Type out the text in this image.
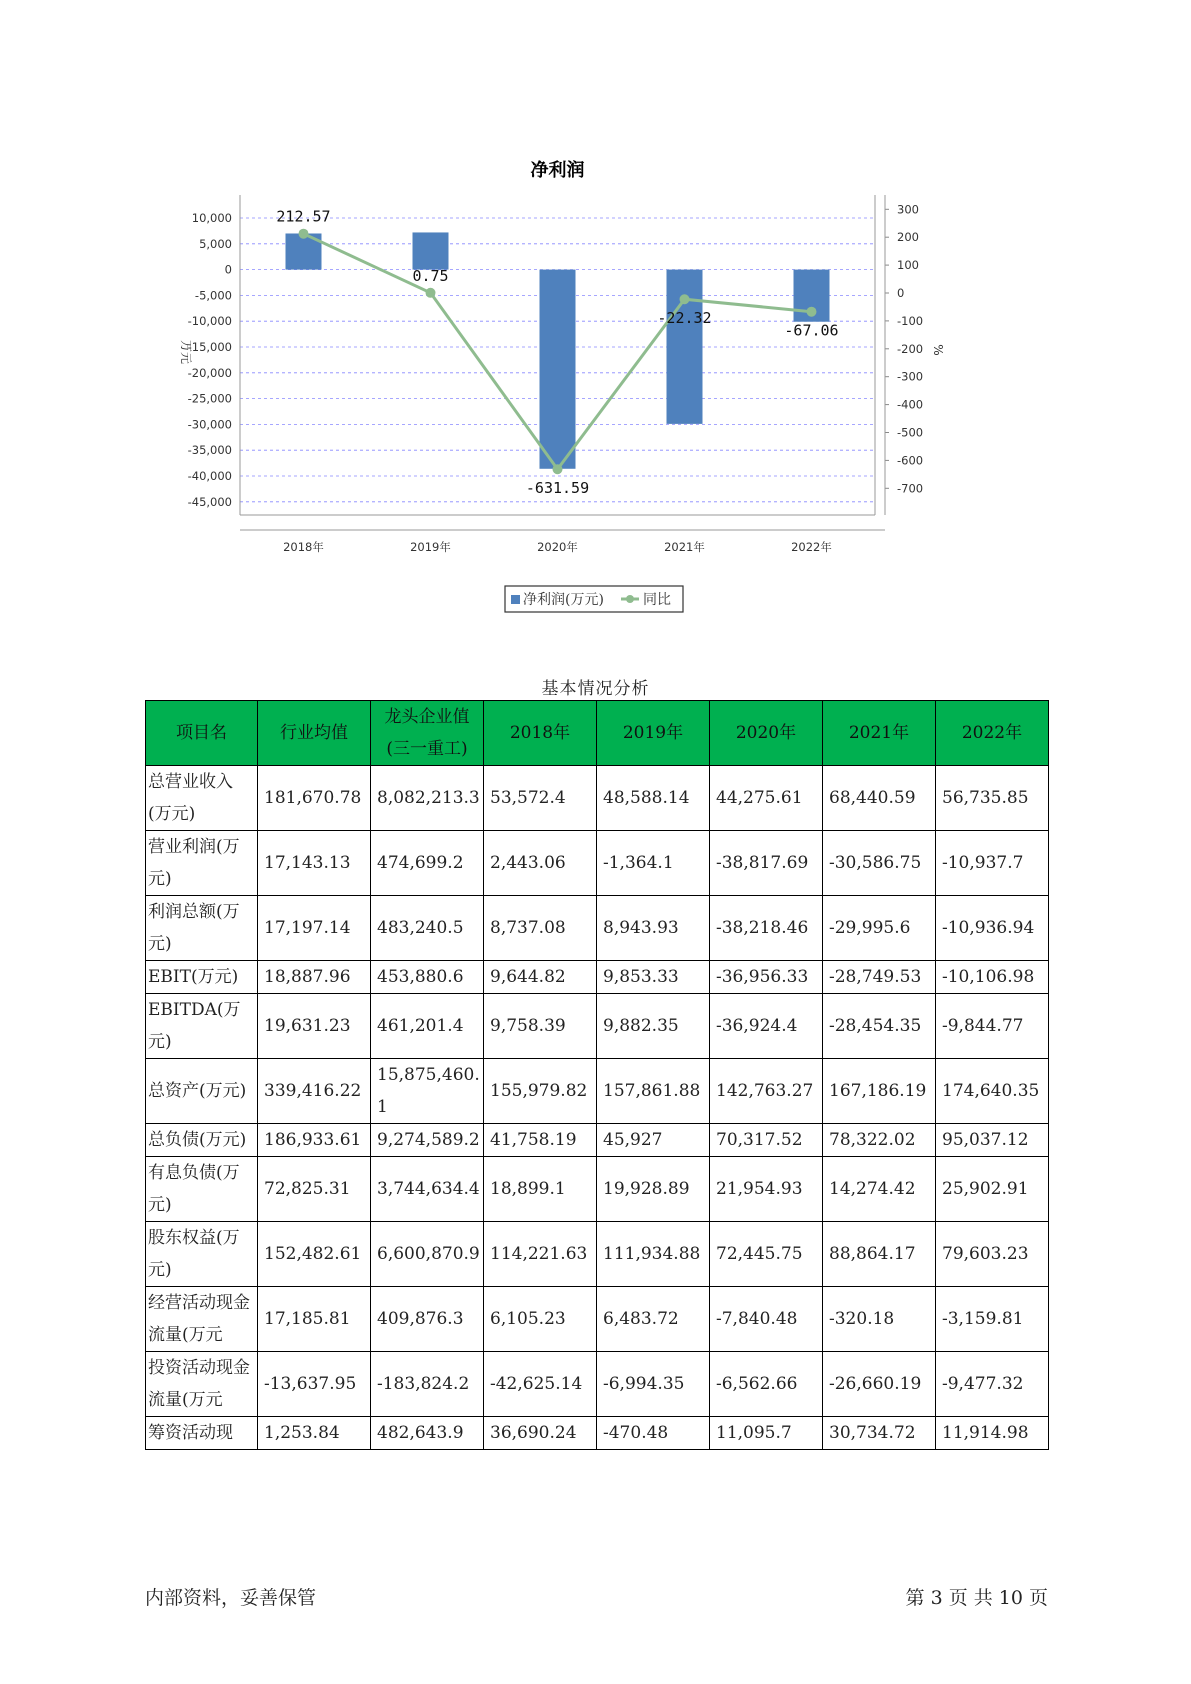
净利润
10,000
5,000
0
-5,000
-10,000
-15,000
-20,000
-25,000
-30,000
-35,000
-40,000
-45,000
300
200
100
0
-100
-200
-300
-400
-500
-600
-700
万元	%
2018年	2019年	2020年	2021年	2022年
212.57
0.75
-631.59
-22.32
-67.06
净利润(万元)	同比
基本情况分析
项目名	行业均值	龙头企业值(三一重工)	2018年	2019年	2020年	2021年	2022年
总营业收入(万元)	181,670.78	8,082,213.3	53,572.4	48,588.14	44,275.61	68,440.59	56,735.85
营业利润(万元)	17,143.13	474,699.2	2,443.06	-1,364.1	-38,817.69	-30,586.75	-10,937.7
利润总额(万元)	17,197.14	483,240.5	8,737.08	8,943.93	-38,218.46	-29,995.6	-10,936.94
EBIT(万元)	18,887.96	453,880.6	9,644.82	9,853.33	-36,956.33	-28,749.53	-10,106.98
EBITDA(万元)	19,631.23	461,201.4	9,758.39	9,882.35	-36,924.4	-28,454.35	-9,844.77
总资产(万元)	339,416.22	15,875,460.1	155,979.82	157,861.88	142,763.27	167,186.19	174,640.35
总负债(万元)	186,933.61	9,274,589.2	41,758.19	45,927	70,317.52	78,322.02	95,037.12
有息负债(万元)	72,825.31	3,744,634.4	18,899.1	19,928.89	21,954.93	14,274.42	25,902.91
股东权益(万元)	152,482.61	6,600,870.9	114,221.63	111,934.88	72,445.75	88,864.17	79,603.23
经营活动现金流量(万元	17,185.81	409,876.3	6,105.23	6,483.72	-7,840.48	-320.18	-3,159.81
投资活动现金流量(万元	-13,637.95	-183,824.2	-42,625.14	-6,994.35	-6,562.66	-26,660.19	-9,477.32
筹资活动现	1,253.84	482,643.9	36,690.24	-470.48	11,095.7	30,734.72	11,914.98
内部资料，妥善保管	第 3 页 共 10 页
